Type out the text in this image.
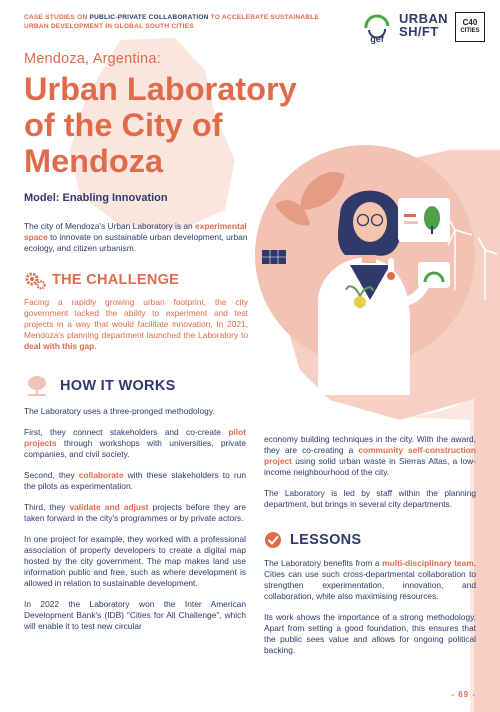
CASE STUDIES ON PUBLIC-PRIVATE COLLABORATION TO ACCELERATE SUSTAINABLE URBAN DEVELOPMENT IN GLOBAL SOUTH CITIES
gef
URBAN
SH/FT
C40
CITIES
Mendoza, Argentina:
Urban Laboratory of the City of Mendoza
Model: Enabling Innovation

The city of Mendoza's Urban Laboratory is an experimental space to innovate on sustainable urban development, urban ecology, and citizen urbanism.

THE CHALLENGE

Facing a rapidly growing urban footprint, the city government lacked the ability to experiment and test projects in a way that would facilitate innovation. In 2021, Mendoza's planning department launched the Laboratory to deal with this gap.

HOW IT WORKS

The Laboratory uses a three-pronged methodology.

First, they connect stakeholders and co-create pilot projects through workshops with universities, private companies, and civil society.

Second, they collaborate with these stakeholders to run the pilots as experimentation.

Third, they validate and adjust projects before they are taken forward in the city's programmes or by private actors.

In one project for example, they worked with a professional association of property developers to create a digital map hosted by the city government. The map makes land use information public and free, such as where development is allowed in relation to sustainable development.

In 2022 the Laboratory won the Inter American Development Bank's (IDB) “Cities for All Challenge”, which will enable it to test new circular

economy building techniques in the city. With the award, they are co-creating a community self-construction project using solid urban waste in Sierras Altas, a low-income neighbourhood of the city.

The Laboratory is led by staff within the planning department, but brings in several city departments.

LESSONS

The Laboratory benefits from a multi-disciplinary team. Cities can use such cross-departmental collaboration to strengthen experimentation, innovation, and collaboration, while also maximising resources.

Its work shows the importance of a strong methodology. Apart from setting a good foundation, this ensures that the public sees value and allows for ongoing political backing.

- 69 -
